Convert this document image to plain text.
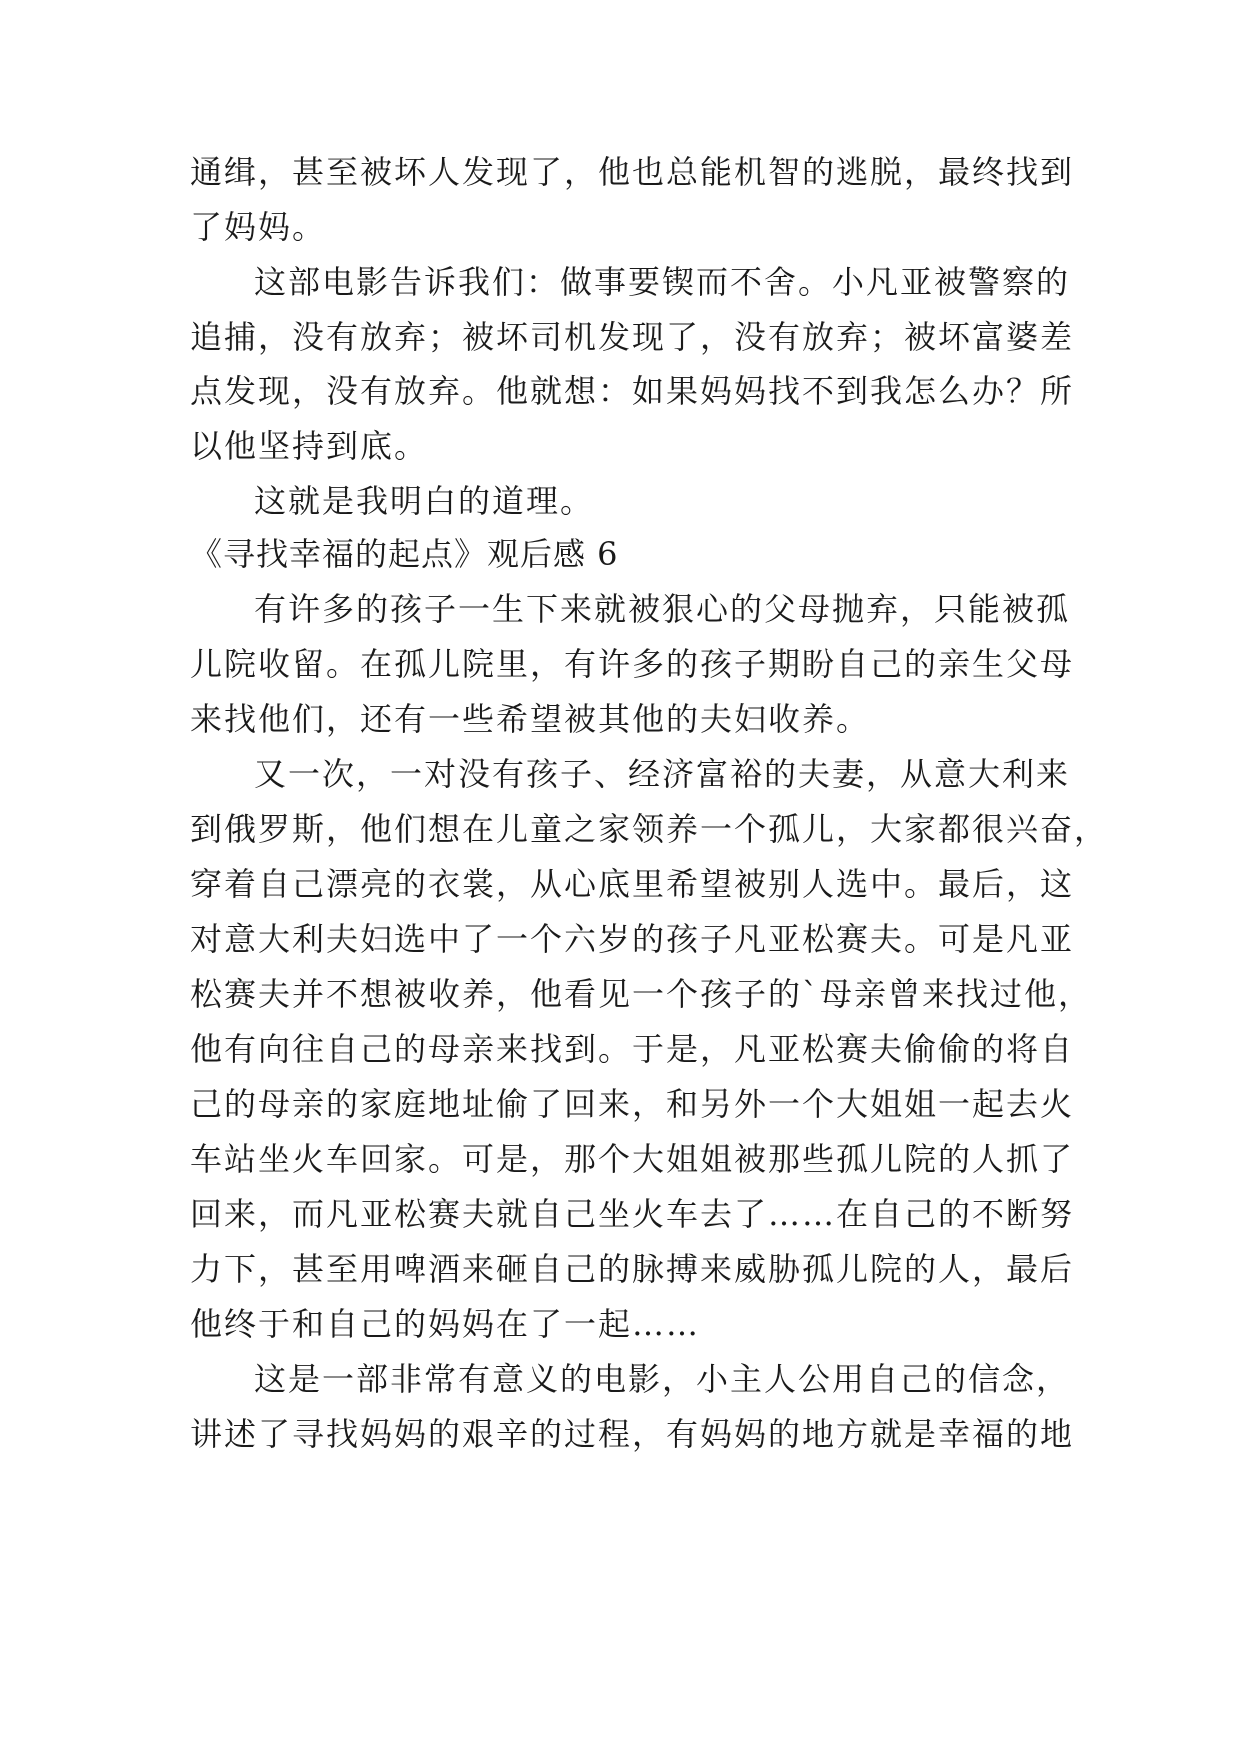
通缉，甚至被坏人发现了，他也总能机智的逃脱，最终找到
了妈妈。
这部电影告诉我们：做事要锲而不舍。小凡亚被警察的
追捕，没有放弃；被坏司机发现了，没有放弃；被坏富婆差
点发现，没有放弃。他就想：如果妈妈找不到我怎么办？所
以他坚持到底。
这就是我明白的道理。
《寻找幸福的起点》观后感 6
有许多的孩子一生下来就被狠心的父母抛弃，只能被孤
儿院收留。在孤儿院里，有许多的孩子期盼自己的亲生父母
来找他们，还有一些希望被其他的夫妇收养。
又一次，一对没有孩子、经济富裕的夫妻，从意大利来
到俄罗斯，他们想在儿童之家领养一个孤儿，大家都很兴奋，
穿着自己漂亮的衣裳，从心底里希望被别人选中。最后，这
对意大利夫妇选中了一个六岁的孩子凡亚松赛夫。可是凡亚
松赛夫并不想被收养，他看见一个孩子的`母亲曾来找过他，
他有向往自己的母亲来找到。于是，凡亚松赛夫偷偷的将自
己的母亲的家庭地址偷了回来，和另外一个大姐姐一起去火
车站坐火车回家。可是，那个大姐姐被那些孤儿院的人抓了
回来，而凡亚松赛夫就自己坐火车去了……在自己的不断努
力下，甚至用啤酒来砸自己的脉搏来威胁孤儿院的人，最后
他终于和自己的妈妈在了一起……
这是一部非常有意义的电影，小主人公用自己的信念，
讲述了寻找妈妈的艰辛的过程，有妈妈的地方就是幸福的地
